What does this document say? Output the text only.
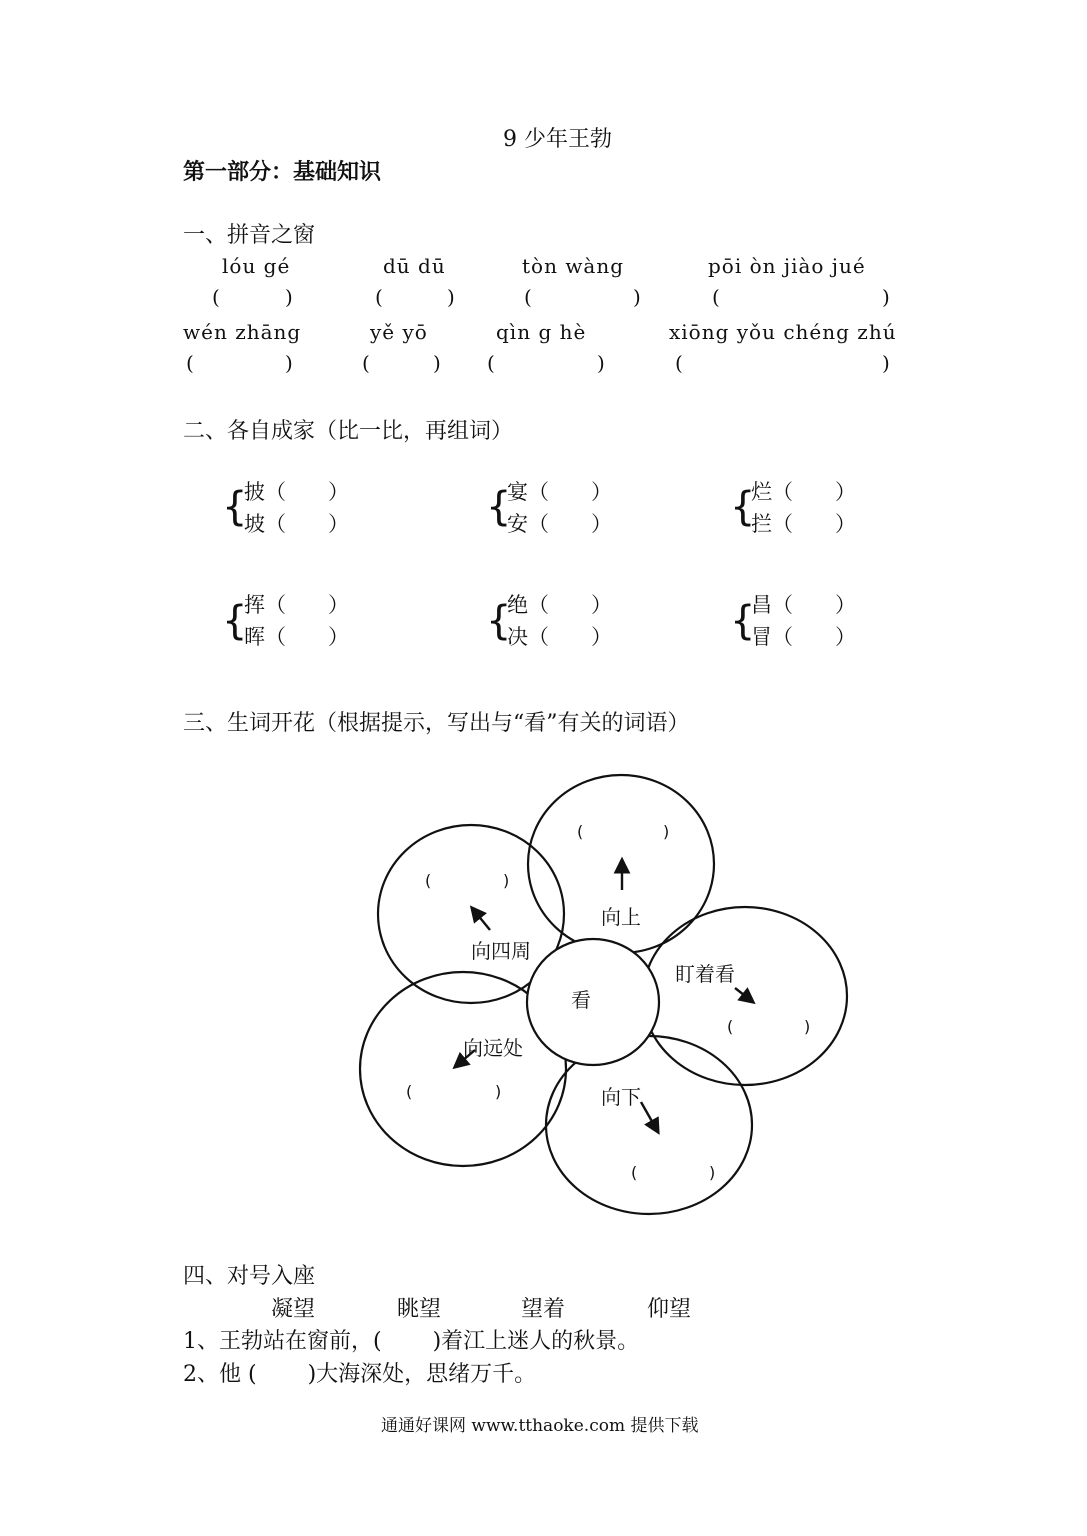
9 少年王勃
第一部分：基础知识
一、拼音之窗
lóu gé	dū dū	tòn wàng	pōi òn jiào jué
(	)	(	)	(	)	(	)
wén zhāng	yě yō	qìn g hè	xiōng yǒu chéng zhú
(	)	(	) (	)	(	)
二、各自成家（比一比，再组词）
{
披（　　）
坡（　　）	{
宴（　　）
安（　　）	{
烂（　　）
拦（　　）
{
挥（　　）
晖（　　）	{
绝（　　）
决（　　）	{
昌（　　）
冒（　　）
三、生词开花（根据提示，写出与“看”有关的词语）
看
向上
向四周
盯着看
向远处
向下
(	)
(	)
(	)
(	)
(	)
四、对号入座
凝望	眺望	望着	仰望
1、王勃站在窗前，(　　 )着江上迷人的秋景。
2、他 (　　 )大海深处，思绪万千。
通通好课网 www.tthaoke.com 提供下载
